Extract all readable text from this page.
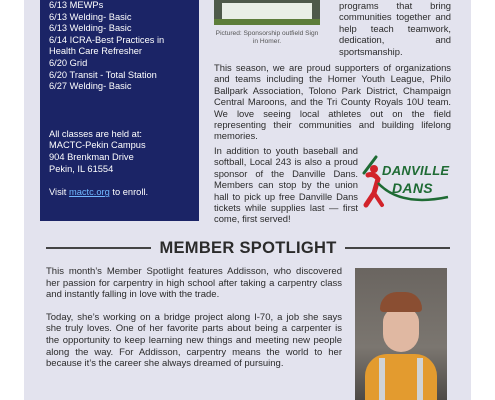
6/13 MEWPs
6/13 Welding- Basic
6/13 Welding- Basic
6/14 ICRA-Best Practices in Health Care Refresher
6/20 Grid
6/20 Transit - Total Station
6/27 Welding- Basic
All classes are held at:
MACTC-Pekin Campus
904 Brenkman Drive
Pekin, IL 61554
Visit mactc.org to enroll.
Pictured: Sponsorship outfield Sign in Homer.
programs that bring communities together and help teach teamwork, dedication, and sportsmanship.
This season, we are proud supporters of organizations and teams including the Homer Youth League, Philo Ballpark Association, Tolono Park District, Champaign Central Maroons, and the Tri County Royals 10U team. We love seeing local athletes out on the field representing their communities and building lifelong memories.
In addition to youth baseball and softball, Local 243 is also a proud sponsor of the Danville Dans. Members can stop by the union hall to pick up free Danville Dans tickets while supplies last — first come, first served!
DANVILLE
DANS
MEMBER SPOTLIGHT

This month’s Member Spotlight features Addisson, who discovered her passion for carpentry in high school after taking a carpentry class and instantly falling in love with the trade.

Today, she’s working on a bridge project along I-70, a job she says she truly loves. One of her favorite parts about being a carpenter is the opportunity to keep learning new things and meeting new people along the way. For Addisson, carpentry means the world to her because it’s the career she always dreamed of pursuing.
